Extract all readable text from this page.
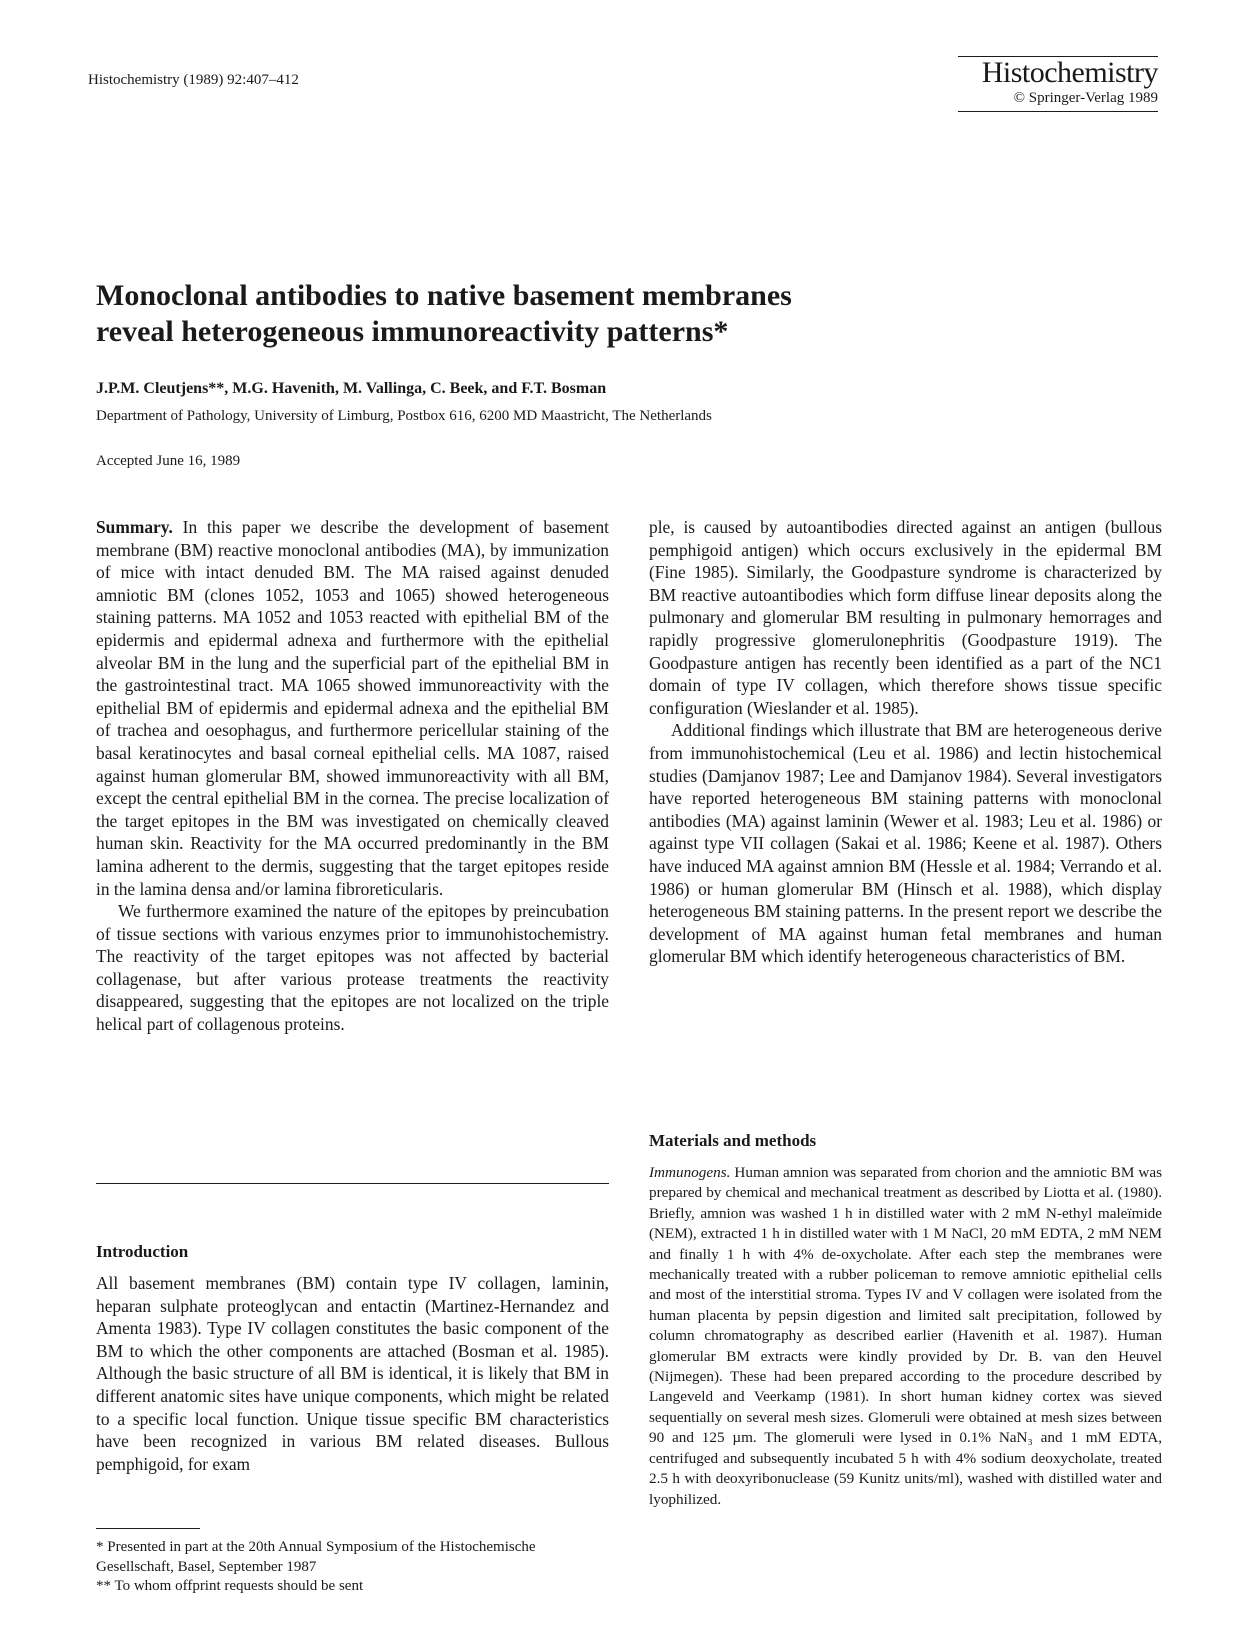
Histochemistry (1989) 92:407–412	Histochemistry
© Springer-Verlag 1989
Monoclonal antibodies to native basement membranes
reveal heterogeneous immunoreactivity patterns*
J.P.M. Cleutjens**, M.G. Havenith, M. Vallinga, C. Beek, and F.T. Bosman
Department of Pathology, University of Limburg, Postbox 616, 6200 MD Maastricht, The Netherlands
Accepted June 16, 1989

Summary. In this paper we describe the development of basement membrane (BM) reactive monoclonal antibodies (MA), by immunization of mice with intact denuded BM. The MA raised against denuded amniotic BM (clones 1052, 1053 and 1065) showed heterogeneous staining patterns. MA 1052 and 1053 reacted with epithelial BM of the epidermis and epidermal adnexa and furthermore with the epithelial alveolar BM in the lung and the superficial part of the epithelial BM in the gastrointestinal tract. MA 1065 showed immunoreactivity with the epithelial BM of epidermis and epidermal adnexa and the epithelial BM of trachea and oesophagus, and furthermore pericellular staining of the basal keratinocytes and basal corneal epithelial cells. MA 1087, raised against human glomerular BM, showed immunoreactivity with all BM, except the central epithelial BM in the cornea. The precise localization of the target epitopes in the BM was investigated on chemically cleaved human skin. Reactivity for the MA occurred predominantly in the BM lamina adherent to the dermis, suggesting that the target epitopes reside in the lamina densa and/or lamina fibroreticularis.

We furthermore examined the nature of the epitopes by preincubation of tissue sections with various enzymes prior to immunohistochemistry. The reactivity of the target epitopes was not affected by bacterial collagenase, but after various protease treatments the reactivity disappeared, suggesting that the epitopes are not localized on the triple helical part of collagenous proteins.

Introduction
All basement membranes (BM) contain type IV collagen, laminin, heparan sulphate proteoglycan and entactin (Martinez-Hernandez and Amenta 1983). Type IV collagen constitutes the basic component of the BM to which the other components are attached (Bosman et al. 1985). Although the basic structure of all BM is identical, it is likely that BM in different anatomic sites have unique components, which might be related to a specific local function. Unique tissue specific BM characteristics have been recognized in various BM related diseases. Bullous pemphigoid, for exam

ple, is caused by autoantibodies directed against an antigen (bullous pemphigoid antigen) which occurs exclusively in the epidermal BM (Fine 1985). Similarly, the Goodpasture syndrome is characterized by BM reactive autoantibodies which form diffuse linear deposits along the pulmonary and glomerular BM resulting in pulmonary hemorrages and rapidly progressive glomerulonephritis (Goodpasture 1919). The Goodpasture antigen has recently been identified as a part of the NC1 domain of type IV collagen, which therefore shows tissue specific configuration (Wieslander et al. 1985).

Additional findings which illustrate that BM are heterogeneous derive from immunohistochemical (Leu et al. 1986) and lectin histochemical studies (Damjanov 1987; Lee and Damjanov 1984). Several investigators have reported heterogeneous BM staining patterns with monoclonal antibodies (MA) against laminin (Wewer et al. 1983; Leu et al. 1986) or against type VII collagen (Sakai et al. 1986; Keene et al. 1987). Others have induced MA against amnion BM (Hessle et al. 1984; Verrando et al. 1986) or human glomerular BM (Hinsch et al. 1988), which display heterogeneous BM staining patterns. In the present report we describe the development of MA against human fetal membranes and human glomerular BM which identify heterogeneous characteristics of BM.

Materials and methods

Immunogens. Human amnion was separated from chorion and the amniotic BM was prepared by chemical and mechanical treatment as described by Liotta et al. (1980). Briefly, amnion was washed 1 h in distilled water with 2 mM N-ethyl maleïmide (NEM), extracted 1 h in distilled water with 1 M NaCl, 20 mM EDTA, 2 mM NEM and finally 1 h with 4% de-oxycholate. After each step the membranes were mechanically treated with a rubber policeman to remove amniotic epithelial cells and most of the interstitial stroma. Types IV and V collagen were isolated from the human placenta by pepsin digestion and limited salt precipitation, followed by column chromatography as described earlier (Havenith et al. 1987). Human glomerular BM extracts were kindly provided by Dr. B. van den Heuvel (Nijmegen). These had been prepared according to the procedure described by Langeveld and Veerkamp (1981). In short human kidney cortex was sieved sequentially on several mesh sizes. Glomeruli were obtained at mesh sizes between 90 and 125 µm. The glomeruli were lysed in 0.1% NaN₃ and 1 mM EDTA, centrifuged and subsequently incubated 5 h with 4% sodium deoxycholate, treated 2.5 h with deoxyribonuclease (59 Kunitz units/ml), washed with distilled water and lyophilized.

* Presented in part at the 20th Annual Symposium of the Histochemische Gesellschaft, Basel, September 1987

** To whom offprint requests should be sent
